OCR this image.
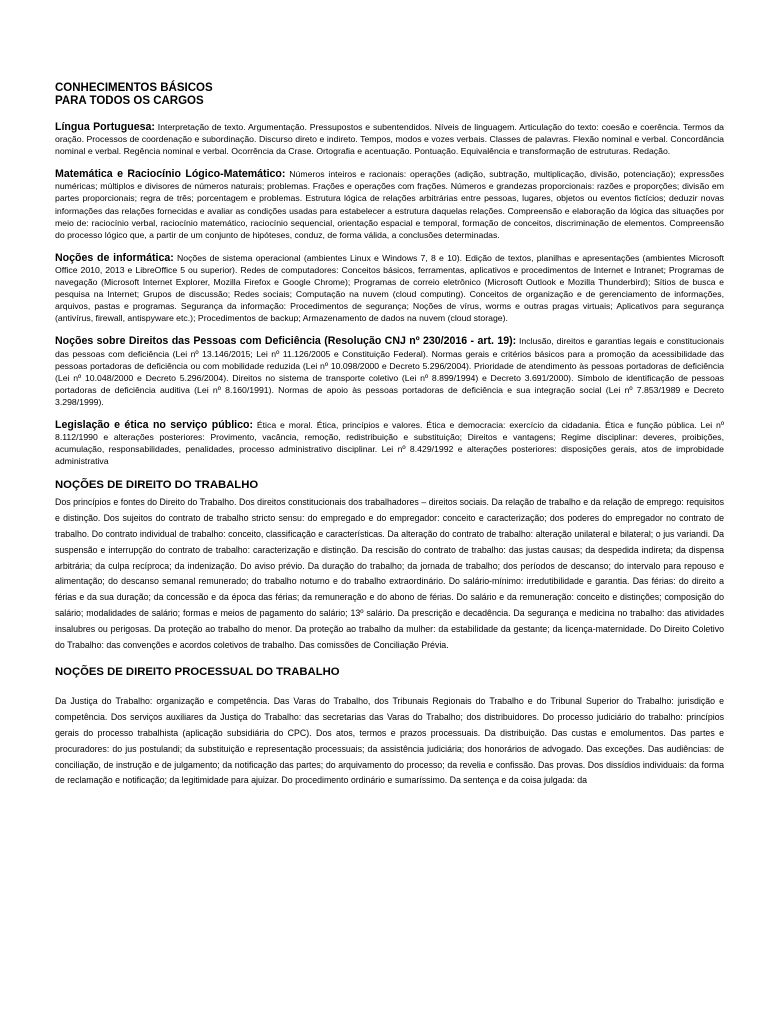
CONHECIMENTOS BÁSICOS

PARA TODOS OS CARGOS

Língua Portuguesa: Interpretação de texto. Argumentação. Pressupostos e subentendidos. Níveis de linguagem. Articulação do texto: coesão e coerência. Termos da oração. Processos de coordenação e subordinação. Discurso direto e indireto. Tempos, modos e vozes verbais. Classes de palavras. Flexão nominal e verbal. Concordância nominal e verbal. Regência nominal e verbal. Ocorrência da Crase. Ortografia e acentuação. Pontuação. Equivalência e transformação de estruturas. Redação.

Matemática e Raciocínio Lógico-Matemático: Números inteiros e racionais: operações (adição, subtração, multiplicação, divisão, potenciação); expressões numéricas; múltiplos e divisores de números naturais; problemas. Frações e operações com frações. Números e grandezas proporcionais: razões e proporções; divisão em partes proporcionais; regra de três; porcentagem e problemas. Estrutura lógica de relações arbitrárias entre pessoas, lugares, objetos ou eventos fictícios; deduzir novas informações das relações fornecidas e avaliar as condições usadas para estabelecer a estrutura daquelas relações. Compreensão e elaboração da lógica das situações por meio de: raciocínio verbal, raciocínio matemático, raciocínio sequencial, orientação espacial e temporal, formação de conceitos, discriminação de elementos. Compreensão do processo lógico que, a partir de um conjunto de hipóteses, conduz, de forma válida, a conclusões determinadas.

Noções de informática: Noções de sistema operacional (ambientes Linux e Windows 7, 8 e 10). Edição de textos, planilhas e apresentações (ambientes Microsoft Office 2010, 2013 e LibreOffice 5 ou superior). Redes de computadores: Conceitos básicos, ferramentas, aplicativos e procedimentos de Internet e Intranet; Programas de navegação (Microsoft Internet Explorer, Mozilla Firefox e Google Chrome); Programas de correio eletrônico (Microsoft Outlook e Mozilla Thunderbird); Sítios de busca e pesquisa na Internet; Grupos de discussão; Redes sociais; Computação na nuvem (cloud computing). Conceitos de organização e de gerenciamento de informações, arquivos, pastas e programas. Segurança da informação: Procedimentos de segurança; Noções de vírus, worms e outras pragas virtuais; Aplicativos para segurança (antivírus, firewall, antispyware etc.); Procedimentos de backup; Armazenamento de dados na nuvem (cloud storage).

Noções sobre Direitos das Pessoas com Deficiência (Resolução CNJ nº 230/2016 - art. 19): Inclusão, direitos e garantias legais e constitucionais das pessoas com deficiência (Lei nº 13.146/2015; Lei nº 11.126/2005 e Constituição Federal). Normas gerais e critérios básicos para a promoção da acessibilidade das pessoas portadoras de deficiência ou com mobilidade reduzida (Lei nº 10.098/2000 e Decreto 5.296/2004). Prioridade de atendimento às pessoas portadoras de deficiência (Lei nº 10.048/2000 e Decreto 5.296/2004). Direitos no sistema de transporte coletivo (Lei nº 8.899/1994) e Decreto 3.691/2000). Símbolo de identificação de pessoas portadoras de deficiência auditiva (Lei nº 8.160/1991). Normas de apoio às pessoas portadoras de deficiência e sua integração social (Lei nº 7.853/1989 e Decreto 3.298/1999).

Legislação e ética no serviço público: Ética e moral. Ética, princípios e valores. Ética e democracia: exercício da cidadania. Ética e função pública. Lei nº 8.112/1990 e alterações posteriores: Provimento, vacância, remoção, redistribuição e substituição; Direitos e vantagens; Regime disciplinar: deveres, proibições, acumulação, responsabilidades, penalidades, processo administrativo disciplinar. Lei nº 8.429/1992 e alterações posteriores: disposições gerais, atos de improbidade administrativa

NOÇÕES DE DIREITO DO TRABALHO

Dos princípios e fontes do Direito do Trabalho. Dos direitos constitucionais dos trabalhadores – direitos sociais. Da relação de trabalho e da relação de emprego: requisitos e distinção. Dos sujeitos do contrato de trabalho stricto sensu: do empregado e do empregador: conceito e caracterização; dos poderes do empregador no contrato de trabalho. Do contrato individual de trabalho: conceito, classificação e características. Da alteração do contrato de trabalho: alteração unilateral e bilateral; o jus variandi. Da suspensão e interrupção do contrato de trabalho: caracterização e distinção. Da rescisão do contrato de trabalho: das justas causas; da despedida indireta; da dispensa arbitrária; da culpa recíproca; da indenização. Do aviso prévio. Da duração do trabalho; da jornada de trabalho; dos períodos de descanso; do intervalo para repouso e alimentação; do descanso semanal remunerado; do trabalho noturno e do trabalho extraordinário. Do salário-mínimo: irredutibilidade e garantia. Das férias: do direito a férias e da sua duração; da concessão e da época das férias; da remuneração e do abono de férias. Do salário e da remuneração: conceito e distinções; composição do salário; modalidades de salário; formas e meios de pagamento do salário; 13º salário. Da prescrição e decadência. Da segurança e medicina no trabalho: das atividades insalubres ou perigosas. Da proteção ao trabalho do menor. Da proteção ao trabalho da mulher: da estabilidade da gestante; da licença-maternidade. Do Direito Coletivo do Trabalho: das convenções e acordos coletivos de trabalho. Das comissões de Conciliação Prévia.

NOÇÕES DE DIREITO PROCESSUAL DO TRABALHO

Da Justiça do Trabalho: organização e competência. Das Varas do Trabalho, dos Tribunais Regionais do Trabalho e do Tribunal Superior do Trabalho: jurisdição e competência. Dos serviços auxiliares da Justiça do Trabalho: das secretarias das Varas do Trabalho; dos distribuidores. Do processo judiciário do trabalho: princípios gerais do processo trabalhista (aplicação subsidiária do CPC). Dos atos, termos e prazos processuais. Da distribuição. Das custas e emolumentos. Das partes e procuradores: do jus postulandi; da substituição e representação processuais; da assistência judiciária; dos honorários de advogado. Das exceções. Das audiências: de conciliação, de instrução e de julgamento; da notificação das partes; do arquivamento do processo; da revelia e confissão. Das provas. Dos dissídios individuais: da forma de reclamação e notificação; da legitimidade para ajuizar. Do procedimento ordinário e sumaríssimo. Da sentença e da coisa julgada: da
